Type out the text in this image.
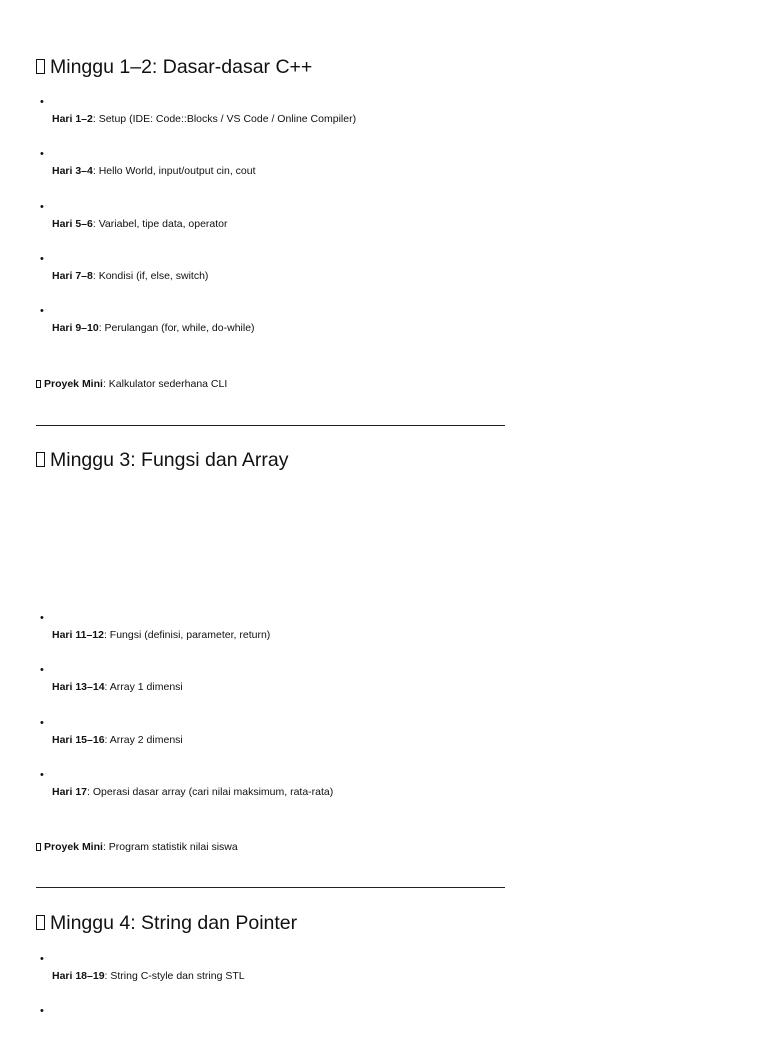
Minggu 1–2: Dasar-dasar C++
•
Hari 1–2: Setup (IDE: Code::Blocks / VS Code / Online Compiler)
•
Hari 3–4: Hello World, input/output cin, cout
•
Hari 5–6: Variabel, tipe data, operator
•
Hari 7–8: Kondisi (if, else, switch)
•
Hari 9–10: Perulangan (for, while, do-while)
Proyek Mini: Kalkulator sederhana CLI
Minggu 3: Fungsi dan Array
•
Hari 11–12: Fungsi (definisi, parameter, return)
•
Hari 13–14: Array 1 dimensi
•
Hari 15–16: Array 2 dimensi
•
Hari 17: Operasi dasar array (cari nilai maksimum, rata-rata)
Proyek Mini: Program statistik nilai siswa
Minggu 4: String dan Pointer
•
Hari 18–19: String C-style dan string STL
•
